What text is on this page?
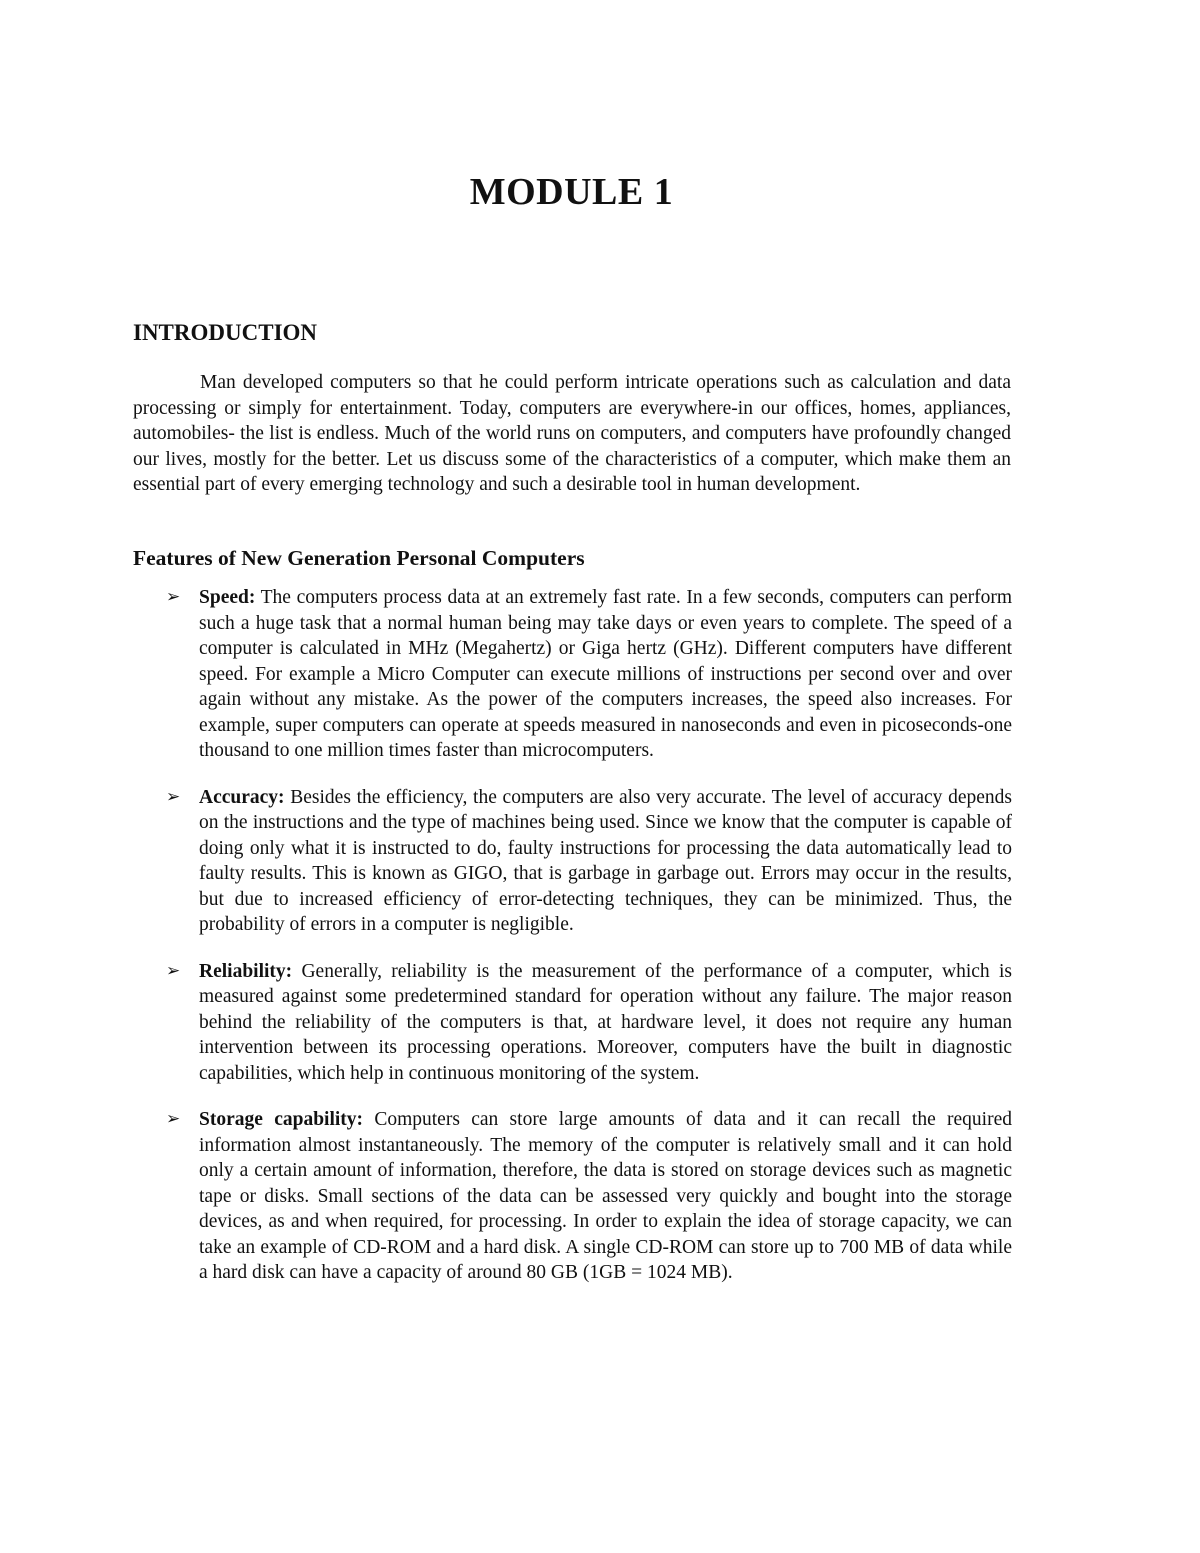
MODULE 1
INTRODUCTION

Man developed computers so that he could perform intricate operations such as calculation and data processing or simply for entertainment. Today, computers are everywhere-in our offices, homes, appliances, automobiles- the list is endless. Much of the world runs on computers, and computers have profoundly changed our lives, mostly for the better. Let us discuss some of the characteristics of a computer, which make them an essential part of every emerging technology and such a desirable tool in human development.

Features of New Generation Personal Computers
➢ Speed: The computers process data at an extremely fast rate. In a few seconds, computers can perform such a huge task that a normal human being may take days or even years to complete. The speed of a computer is calculated in MHz (Megahertz) or Giga hertz (GHz). Different computers have different speed. For example a Micro Computer can execute millions of instructions per second over and over again without any mistake. As the power of the computers increases, the speed also increases. For example, super computers can operate at speeds measured in nanoseconds and even in picoseconds-one thousand to one million times faster than microcomputers.
➢ Accuracy: Besides the efficiency, the computers are also very accurate. The level of accuracy depends on the instructions and the type of machines being used. Since we know that the computer is capable of doing only what it is instructed to do, faulty instructions for processing the data automatically lead to faulty results. This is known as GIGO, that is garbage in garbage out. Errors may occur in the results, but due to increased efficiency of error-detecting techniques, they can be minimized. Thus, the probability of errors in a computer is negligible.
➢ Reliability: Generally, reliability is the measurement of the performance of a computer, which is measured against some predetermined standard for operation without any failure. The major reason behind the reliability of the computers is that, at hardware level, it does not require any human intervention between its processing operations. Moreover, computers have the built in diagnostic capabilities, which help in continuous monitoring of the system.
➢ Storage capability: Computers can store large amounts of data and it can recall the required information almost instantaneously. The memory of the computer is relatively small and it can hold only a certain amount of information, therefore, the data is stored on storage devices such as magnetic tape or disks. Small sections of the data can be assessed very quickly and bought into the storage devices, as and when required, for processing. In order to explain the idea of storage capacity, we can take an example of CD-ROM and a hard disk. A single CD-ROM can store up to 700 MB of data while a hard disk can have a capacity of around 80 GB (1GB = 1024 MB).
